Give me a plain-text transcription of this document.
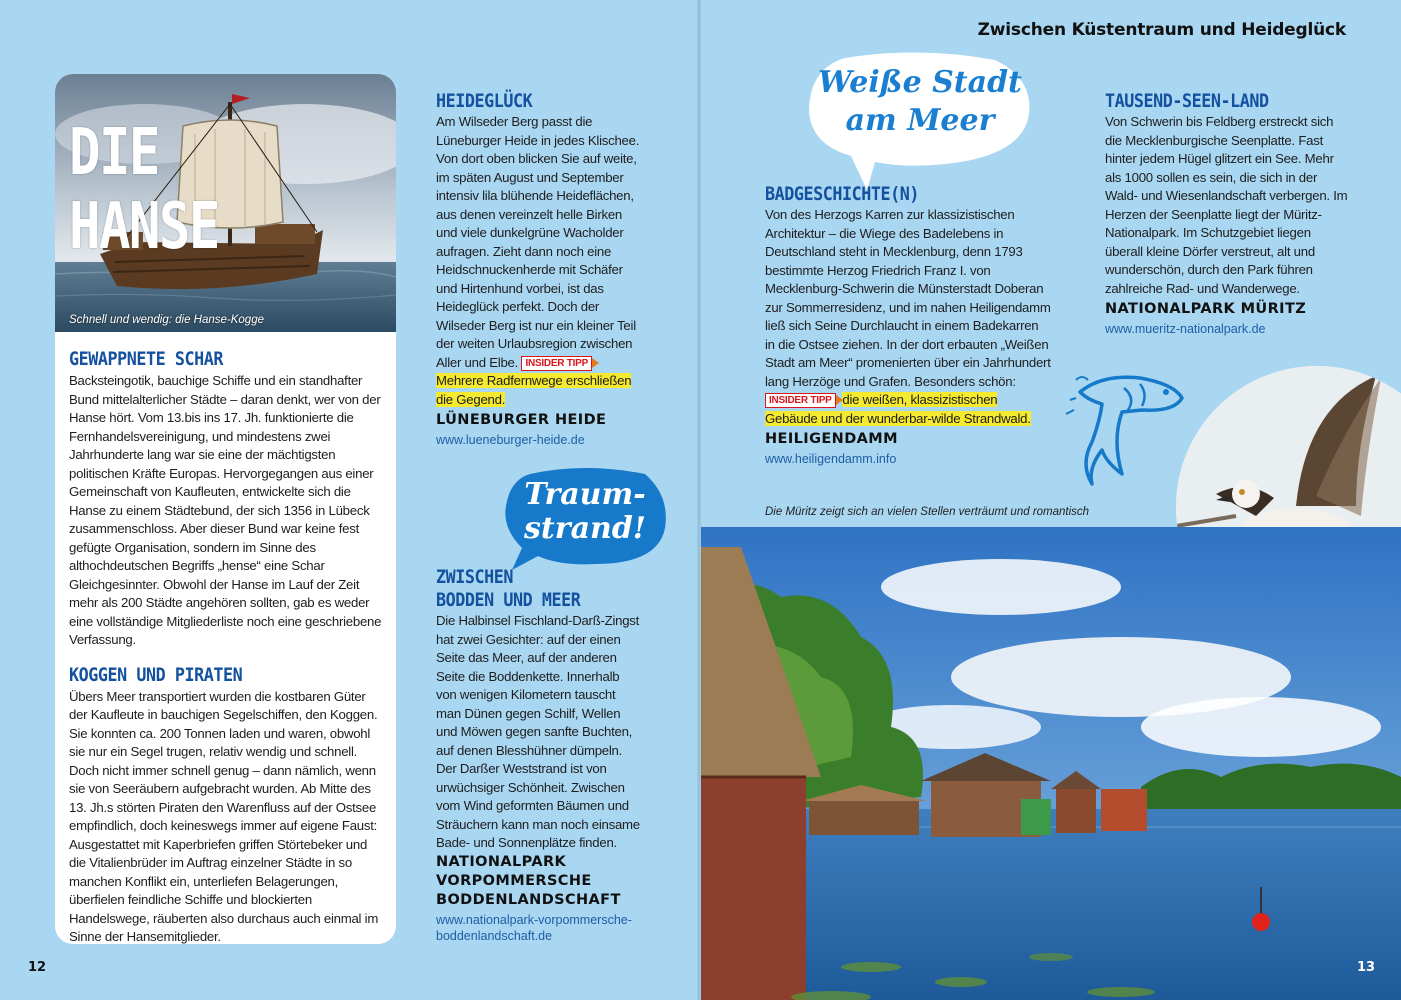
Zwischen Küstentraum und Heideglück
DIE HANSE
Schnell und wendig: die Hanse-Kogge
GEWAPPNETE SCHAR
Backsteingotik, bauchige Schiffe und ein standhafter Bund mittelalterlicher Städte – daran denkt, wer von der Hanse hört. Vom 13.bis ins 17. Jh. funktionierte die Fernhandelsvereinigung, und mindestens zwei Jahrhunderte lang war sie eine der mächtigsten politischen Kräfte Europas. Hervorgegangen aus einer Gemeinschaft von Kaufleuten, entwickelte sich die Hanse zu einem Städtebund, der sich 1356 in Lübeck zusammenschloss. Aber dieser Bund war keine fest gefügte Organisation, sondern im Sinne des althochdeutschen Begriffs „hense“ eine Schar Gleichgesinnter. Obwohl der Hanse im Lauf der Zeit mehr als 200 Städte angehören sollten, gab es weder eine vollständige Mitgliederliste noch eine geschriebene Verfassung.
KOGGEN UND PIRATEN
Übers Meer transportiert wurden die kostbaren Güter der Kaufleute in bauchigen Segelschiffen, den Koggen. Sie konnten ca. 200 Tonnen laden und waren, obwohl sie nur ein Segel trugen, relativ wendig und schnell. Doch nicht immer schnell genug – dann nämlich, wenn sie von Seeräubern aufgebracht wurden. Ab Mitte des 13. Jh.s störten Piraten den Warenfluss auf der Ostsee empfindlich, doch keineswegs immer auf eigene Faust: Ausgestattet mit Kaperbriefen griffen Störtebeker und die Vitalienbrüder im Auftrag einzelner Städte in so manchen Konflikt ein, unterliefen Belagerungen, überfielen feindliche Schiffe und blockierten Handelswege, räuberten also durchaus auch einmal im Sinne der Hansemitglieder.
12
HEIDEGLÜCK
Am Wilseder Berg passt die Lüneburger Heide in jedes Klischee. Von dort oben blicken Sie auf weite, im späten August und September intensiv lila blühende Heideflächen, aus denen vereinzelt helle Birken und viele dunkelgrüne Wacholder aufragen. Zieht dann noch eine Heidschnuckenherde mit Schäfer und Hirtenhund vorbei, ist das Heideglück perfekt. Doch der Wilseder Berg ist nur ein kleiner Teil der weiten Urlaubsregion zwischen Aller und Elbe. INSIDER TIPP  Mehrere Radfernwege erschließen die Gegend.
LÜNEBURGER HEIDE
www.lueneburger-heide.de
Traum-
strand!
ZWISCHEN
BODDEN UND MEER
Die Halbinsel Fischland-Darß-Zingst hat zwei Gesichter: auf der einen Seite das Meer, auf der anderen Seite die Boddenkette. Innerhalb von wenigen Kilometern tauscht man Dünen gegen Schilf, Wellen und Möwen gegen sanfte Buchten, auf denen Blesshühner dümpeln. Der Darßer Weststrand ist von urwüchsiger Schönheit. Zwischen vom Wind geformten Bäumen und Sträuchern kann man noch einsame Bade- und Sonnenplätze finden.
NATIONALPARK
VORPOMMERSCHE
BODDENLANDSCHAFT
www.nationalpark-vorpommersche-
boddenlandschaft.de
Weiße Stadt
am Meer
BADGESCHICHTE(N)
Von des Herzogs Karren zur klassizistischen Architektur – die Wiege des Badelebens in Deutschland steht in Mecklenburg, denn 1793 bestimmte Herzog Friedrich Franz I. von Mecklenburg-Schwerin die Münsterstadt Doberan zur Sommerresidenz, und im nahen Heiligendamm ließ sich Seine Durchlaucht in einem Badekarren in die Ostsee ziehen. In der dort erbauten „Weißen Stadt am Meer“ promenierten über ein Jahrhundert lang Herzöge und Grafen. Besonders schön: INSIDER TIPP die weißen, klassizistischen Gebäude und der wunderbar-wilde Strandwald.
HEILIGENDAMM
www.heiligendamm.info
TAUSEND-SEEN-LAND
Von Schwerin bis Feldberg erstreckt sich die Mecklenburgische Seenplatte. Fast hinter jedem Hügel glitzert ein See. Mehr als 1000 sollen es sein, die sich in der Wald- und Wiesenlandschaft verbergen. Im Herzen der Seenplatte liegt der Müritz-Nationalpark. Im Schutzgebiet liegen überall kleine Dörfer verstreut, alt und wunderschön, durch den Park führen zahlreiche Rad- und Wanderwege.
NATIONALPARK MÜRITZ
www.mueritz-nationalpark.de
Die Müritz zeigt sich an vielen Stellen verträumt und romantisch
13
